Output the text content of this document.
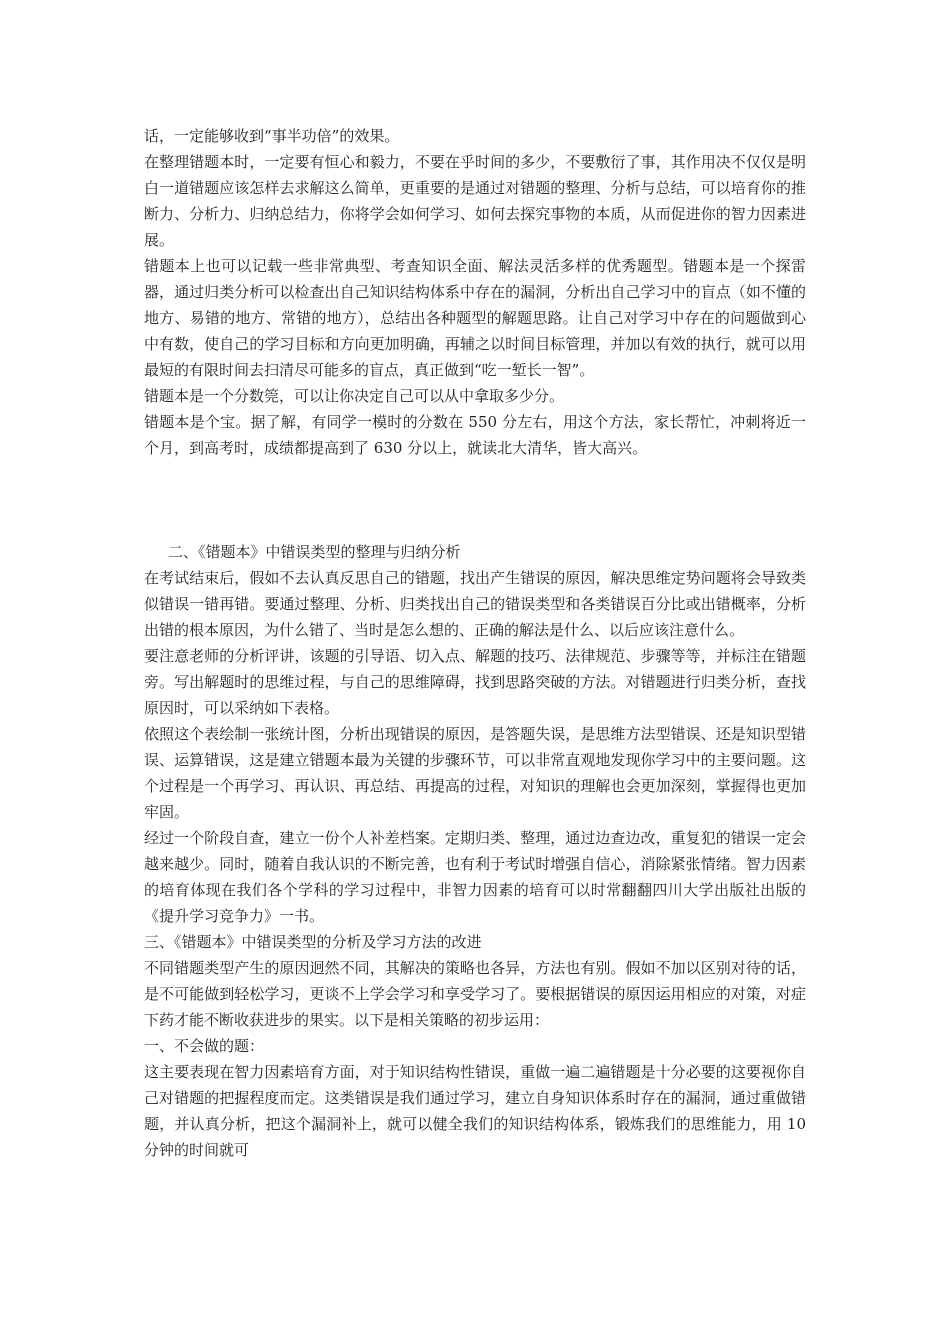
话，一定能够收到“事半功倍”的效果。

在整理错题本时，一定要有恒心和毅力，不要在乎时间的多少，不要敷衍了事，其作用决不仅仅是明白一道错题应该怎样去求解这么简单，更重要的是通过对错题的整理、分析与总结，可以培育你的推断力、分析力、归纳总结力，你将学会如何学习、如何去探究事物的本质，从而促进你的智力因素进展。

错题本上也可以记载一些非常典型、考查知识全面、解法灵活多样的优秀题型。错题本是一个探雷器，通过归类分析可以检查出自己知识结构体系中存在的漏洞，分析出自己学习中的盲点（如不懂的地方、易错的地方、常错的地方），总结出各种题型的解题思路。让自己对学习中存在的问题做到心中有数，使自己的学习目标和方向更加明确，再辅之以时间目标管理，并加以有效的执行，就可以用最短的有限时间去扫清尽可能多的盲点，真正做到“吃一堑长一智”。

错题本是一个分数筦，可以让你决定自己可以从中拿取多少分。

错题本是个宝。据了解，有同学一模时的分数在 550 分左右，用这个方法，家长帮忙，冲刺将近一个月，到高考时，成绩都提高到了 630 分以上，就读北大清华，皆大高兴。

二、《错题本》中错误类型的整理与归纳分析

在考试结束后，假如不去认真反思自己的错题，找出产生错误的原因，解决思维定势问题将会导致类似错误一错再错。要通过整理、分析、归类找出自己的错误类型和各类错误百分比或出错概率，分析出错的根本原因，为什么错了、当时是怎么想的、正确的解法是什么、以后应该注意什么。

要注意老师的分析评讲，该题的引导语、切入点、解题的技巧、法律规范、步骤等等，并标注在错题旁。写出解题时的思维过程，与自己的思维障碍，找到思路突破的方法。对错题进行归类分析，查找原因时，可以采纳如下表格。

依照这个表绘制一张统计图，分析出现错误的原因，是答题失误，是思维方法型错误、还是知识型错误、运算错误，这是建立错题本最为关键的步骤环节，可以非常直观地发现你学习中的主要问题。这个过程是一个再学习、再认识、再总结、再提高的过程，对知识的理解也会更加深刻，掌握得也更加牢固。

经过一个阶段自查，建立一份个人补差档案。定期归类、整理，通过边查边改，重复犯的错误一定会越来越少。同时，随着自我认识的不断完善，也有利于考试时增强自信心，消除紧张情绪。智力因素的培育体现在我们各个学科的学习过程中，非智力因素的培育可以时常翻翻四川大学出版社出版的《提升学习竞争力》一书。

三、《错题本》中错误类型的分析及学习方法的改进

不同错题类型产生的原因迥然不同，其解决的策略也各异，方法也有别。假如不加以区别对待的话，是不可能做到轻松学习，更谈不上学会学习和享受学习了。要根据错误的原因运用相应的对策，对症下药才能不断收获进步的果实。以下是相关策略的初步运用：

一、不会做的题：

这主要表现在智力因素培育方面，对于知识结构性错误，重做一遍二遍错题是十分必要的这要视你自己对错题的把握程度而定。这类错误是我们通过学习，建立自身知识体系时存在的漏洞，通过重做错题，并认真分析，把这个漏洞补上，就可以健全我们的知识结构体系，锻炼我们的思维能力，用 10 分钟的时间就可
